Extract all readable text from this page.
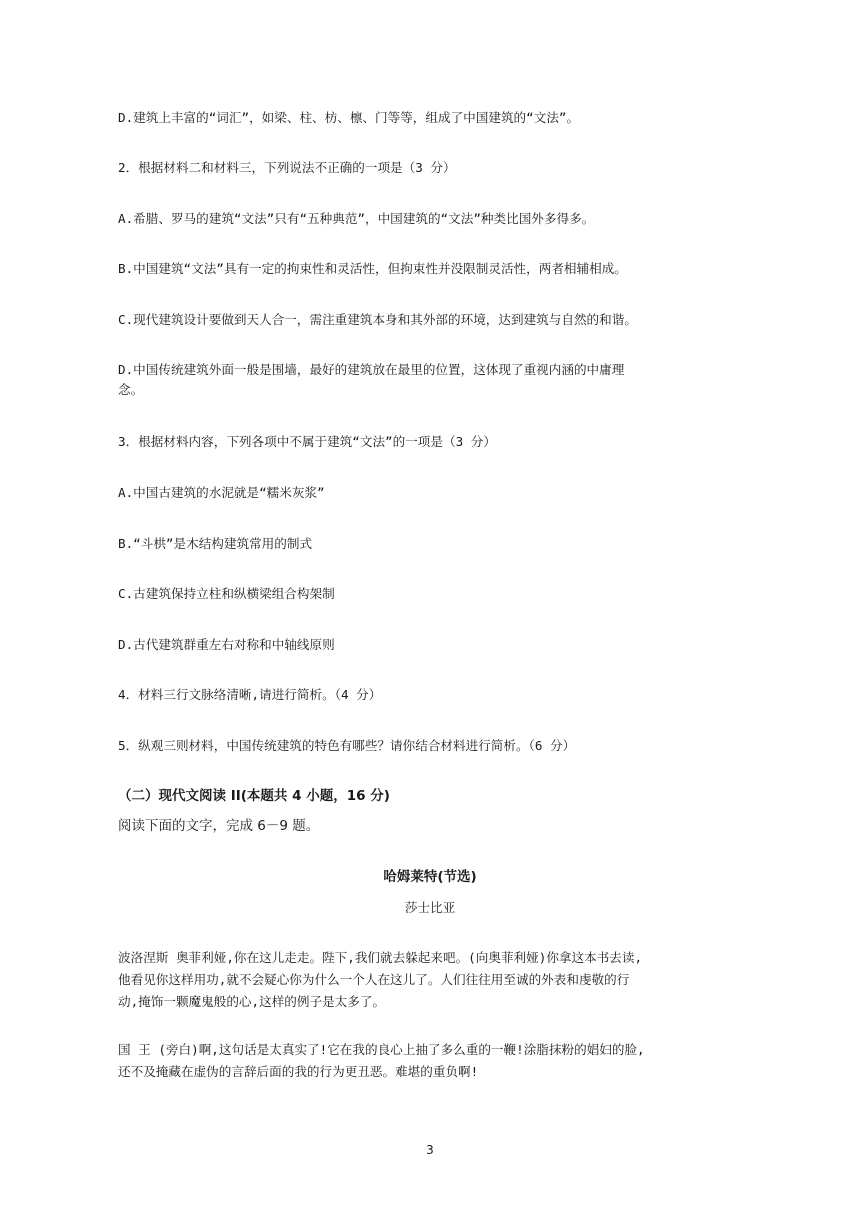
D.建筑上丰富的“词汇”，如梁、柱、枋、檩、门等等，组成了中国建筑的“文法”。
2．根据材料二和材料三，下列说法不正确的一项是（3 分）
A.希腊、罗马的建筑“文法”只有“五种典范”，中国建筑的“文法”种类比国外多得多。
B.中国建筑“文法”具有一定的拘束性和灵活性，但拘束性并没限制灵活性，两者相辅相成。
C.现代建筑设计要做到天人合一，需注重建筑本身和其外部的环境，达到建筑与自然的和谐。
D.中国传统建筑外面一般是围墙，最好的建筑放在最里的位置，这体现了重视内涵的中庸理
念。
3．根据材料内容，下列各项中不属于建筑“文法”的一项是（3 分）
A.中国古建筑的水泥就是“糯米灰浆”
B.“斗栱”是木结构建筑常用的制式
C.古建筑保持立柱和纵横梁组合构架制
D.古代建筑群重左右对称和中轴线原则
4．材料三行文脉络清晰,请进行简析。（4 分）
5．纵观三则材料，中国传统建筑的特色有哪些？请你结合材料进行简析。（6 分）
（二）现代文阅读 II(本题共 4 小题，16 分)
阅读下面的文字，完成 6－9 题。
哈姆莱特(节选)
莎士比亚
波洛涅斯 奥菲利娅,你在这儿走走。陛下,我们就去躲起来吧。(向奥菲利娅)你拿这本书去读,
他看见你这样用功,就不会疑心你为什么一个人在这儿了。人们往往用至诚的外表和虔敬的行
动,掩饰一颗魔鬼般的心,这样的例子是太多了。
国 王 (旁白)啊,这句话是太真实了!它在我的良心上抽了多么重的一鞭!涂脂抹粉的娼妇的脸,
还不及掩藏在虚伪的言辞后面的我的行为更丑恶。难堪的重负啊!
3
